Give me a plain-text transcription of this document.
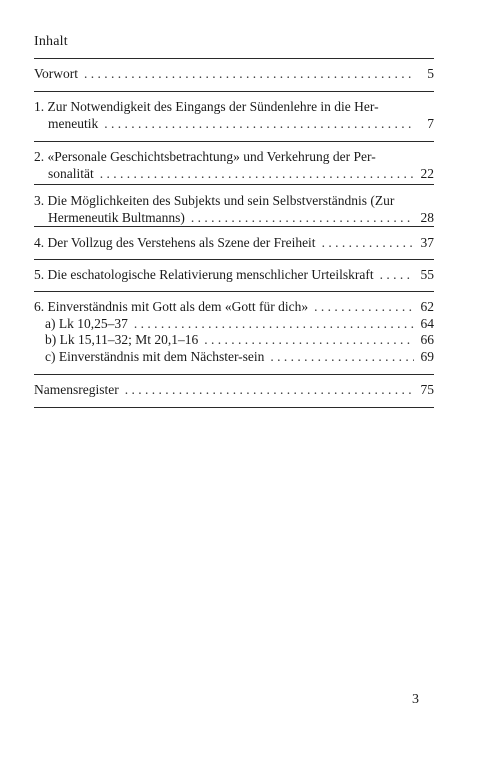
Inhalt
Vorwort . . .	5
1. Zur Notwendigkeit des Eingangs der Sündenlehre in die Her-
meneutik . . .	7
2. «Personale Geschichtsbetrachtung» und Verkehrung der Per-
sonalität . . .	22
3. Die Möglichkeiten des Subjekts und sein Selbstverständnis (Zur
Hermeneutik Bultmanns) . . .	28
4. Der Vollzug des Verstehens als Szene der Freiheit . . .	37
5. Die eschatologische Relativierung menschlicher Urteilskraft . . .	55
6. Einverständnis mit Gott als dem «Gott für dich» . . .	62
a) Lk 10,25–37 . . .	64
b) Lk 15,11–32; Mt 20,1–16 . . .	66
c) Einverständnis mit dem Nächster-sein . . .	69
Namensregister . . .	75
3
